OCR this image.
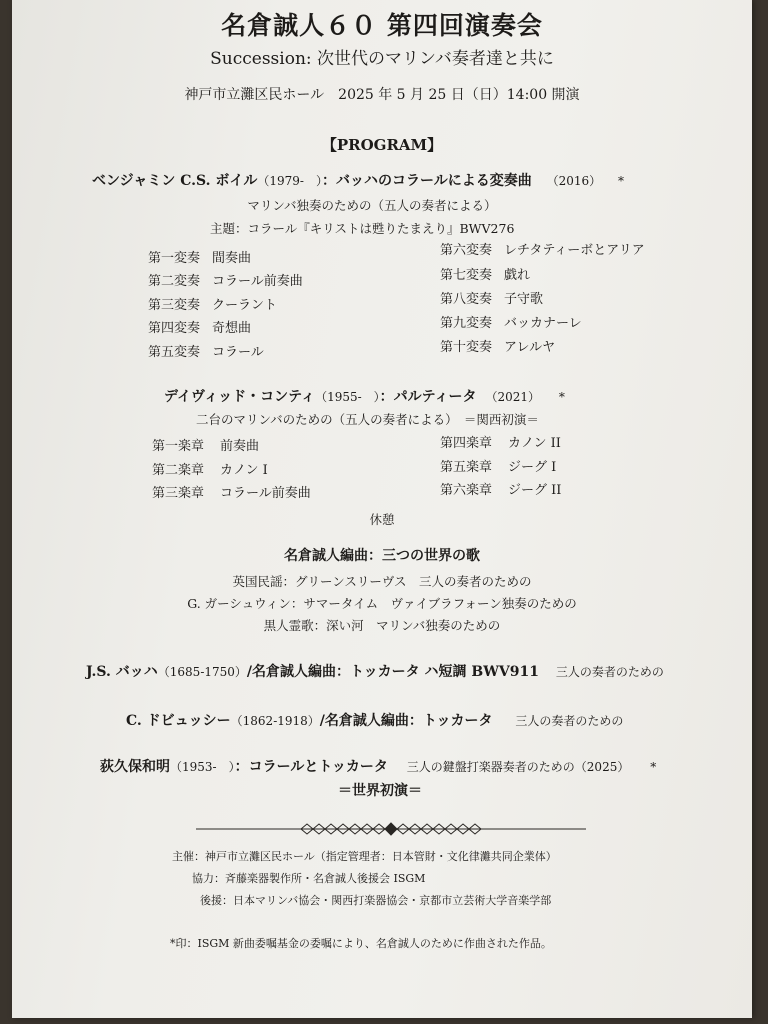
名倉誠人６０ 第四回演奏会
Succession: 次世代のマリンバ奏者達と共に
神戸市立灘区民ホール　2025 年 5 月 25 日（日）14:00 開演
【PROGRAM】
ベンジャミン C.S. ボイル（1979-　）：バッハのコラールによる変奏曲 （2016） *
マリンバ独奏のための（五人の奏者による）
主題：コラール『キリストは甦りたまえり』BWV276
第一変奏 間奏曲
第二変奏 コラール前奏曲
第三変奏 クーラント
第四変奏 奇想曲
第五変奏 コラール
第六変奏 レチタティーボとアリア
第七変奏 戯れ
第八変奏 子守歌
第九変奏 バッカナーレ
第十変奏 アレルヤ
デイヴィッド・コンティ（1955-　）：パルティータ （2021） *
二台のマリンバのための（五人の奏者による）　＝関西初演＝
第一楽章 前奏曲
第二楽章 カノン I
第三楽章 コラール前奏曲
第四楽章 カノン II
第五楽章 ジーグ I
第六楽章 ジーグ II
休憩
名倉誠人編曲：三つの世界の歌
英国民謡：グリーンスリーヴス　三人の奏者のための
G. ガーシュウィン：サマータイム　ヴァイブラフォーン独奏のための
黒人霊歌：深い河　マリンバ独奏のための
J.S. バッハ（1685-1750）/名倉誠人編曲：トッカータ ハ短調 BWV911 三人の奏者のための
C. ドビュッシー（1862-1918）/名倉誠人編曲：トッカータ 三人の奏者のための
荻久保和明（1953-　）：コラールとトッカータ 三人の鍵盤打楽器奏者のための（2025） *
＝世界初演＝
主催：神戸市立灘区民ホール（指定管理者：日本管財・文化律灘共同企業体）
協力：斉藤楽器製作所・名倉誠人後援会 ISGM
後援：日本マリンバ協会・関西打楽器協会・京都市立芸術大学音楽学部
*印：ISGM 新曲委嘱基金の委嘱により、名倉誠人のために作曲された作品。
